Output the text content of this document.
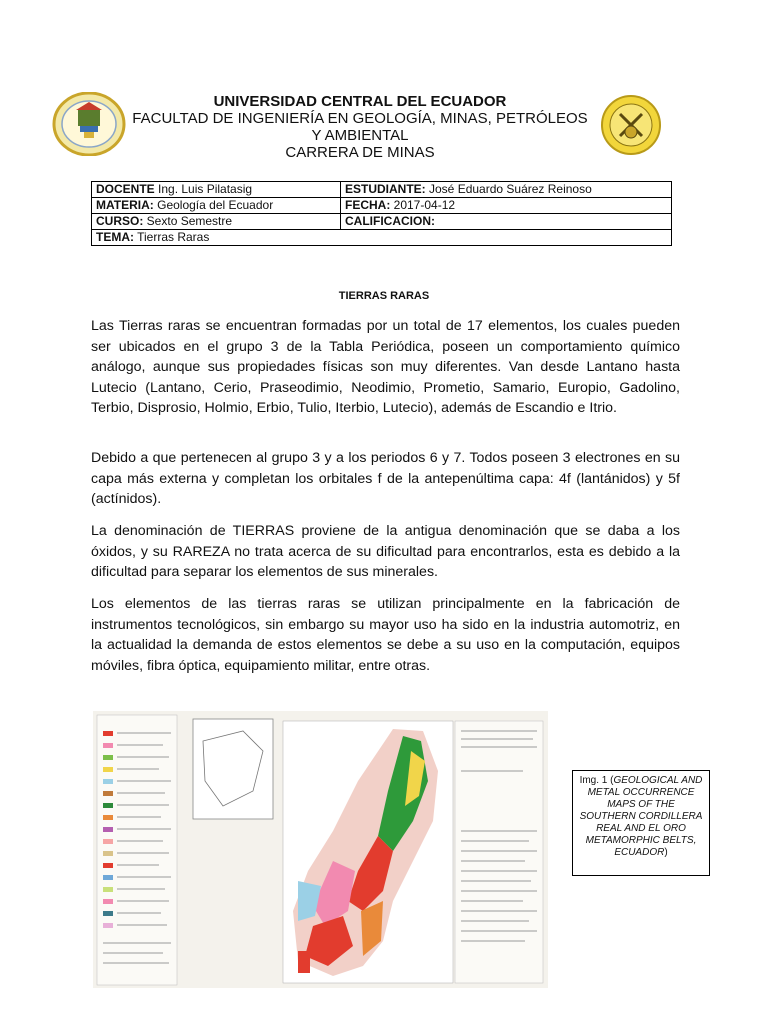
UNIVERSIDAD CENTRAL DEL ECUADOR
FACULTAD DE INGENIERÍA EN GEOLOGÍA, MINAS, PETRÓLEOS
Y AMBIENTAL
CARRERA DE MINAS
DOCENTE Ing. Luis Pilatasig	ESTUDIANTE: José Eduardo Suárez Reinoso
MATERIA: Geología del Ecuador	FECHA: 2017-04-12
CURSO: Sexto Semestre	CALIFICACION:
TEMA: Tierras Raras	
TIERRAS RARAS

Las Tierras raras se encuentran formadas por un total de 17 elementos, los cuales pueden ser ubicados en el grupo 3 de la Tabla Periódica, poseen un comportamiento químico análogo, aunque sus propiedades físicas son muy diferentes. Van desde Lantano hasta Lutecio (Lantano, Cerio, Praseodimio, Neodimio, Prometio, Samario, Europio, Gadolino, Terbio, Disprosio, Holmio, Erbio, Tulio, Iterbio, Lutecio), además de Escandio e Itrio.

Debido a que pertenecen al grupo 3 y a los periodos 6 y 7. Todos poseen 3 electrones en su capa más externa y completan los orbitales f de la antepenúltima capa: 4f (lantánidos) y 5f (actínidos).

La denominación de TIERRAS proviene de la antigua denominación que se daba a los óxidos, y su RAREZA no trata acerca de su dificultad para encontrarlos, esta es debido a la dificultad para separar los elementos de sus minerales.

Los elementos de las tierras raras se utilizan principalmente en la fabricación de instrumentos tecnológicos, sin embargo su mayor uso ha sido en la industria automotriz, en la actualidad la demanda de estos elementos se debe a su uso en la computación, equipos móviles, fibra óptica, equipamiento militar, entre otras.

Img. 1 (GEOLOGICAL AND METAL OCCURRENCE MAPS OF THE SOUTHERN CORDILLERA REAL AND EL ORO METAMORPHIC BELTS, ECUADOR)
